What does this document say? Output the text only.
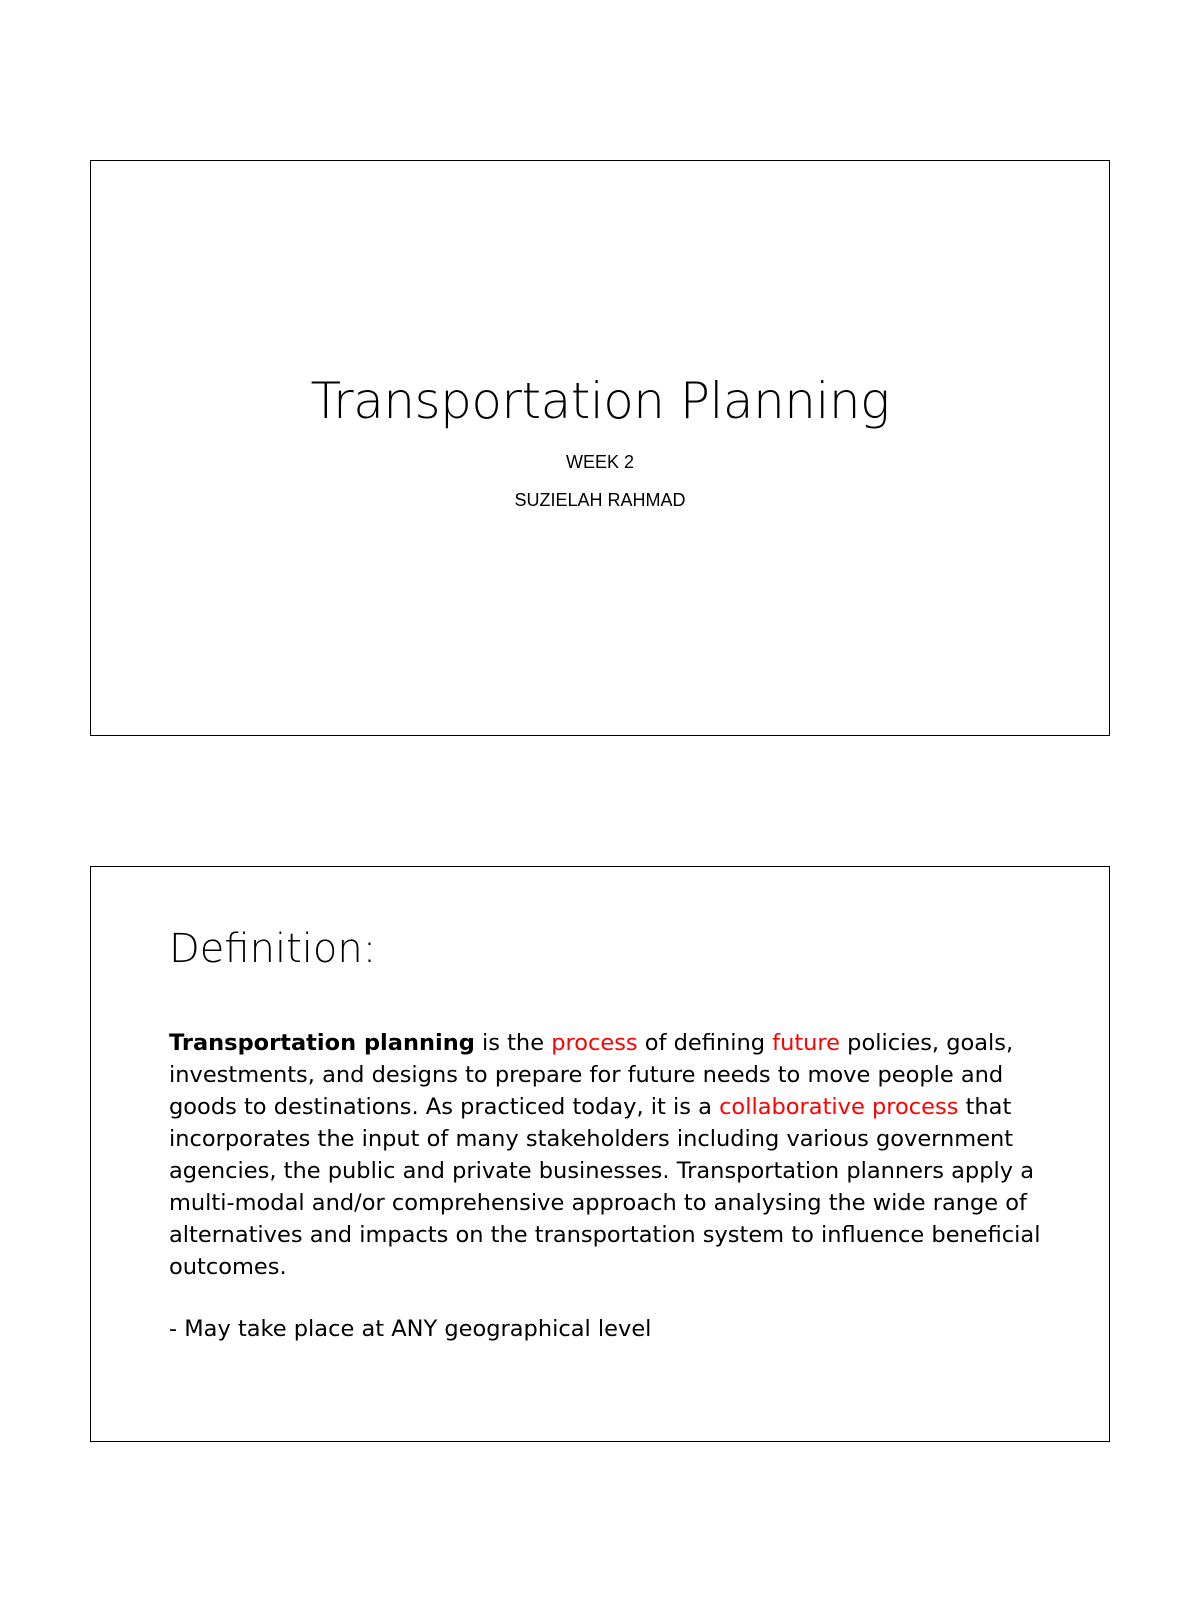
Transportation Planning

WEEK 2

SUZIELAH RAHMAD

Definition:

Transportation planning is the process of defining future policies, goals, investments, and designs to prepare for future needs to move people and goods to destinations. As practiced today, it is a collaborative process that incorporates the input of many stakeholders including various government agencies, the public and private businesses. Transportation planners apply a multi-modal and/or comprehensive approach to analysing the wide range of alternatives and impacts on the transportation system to influence beneficial outcomes.

- May take place at ANY geographical level
